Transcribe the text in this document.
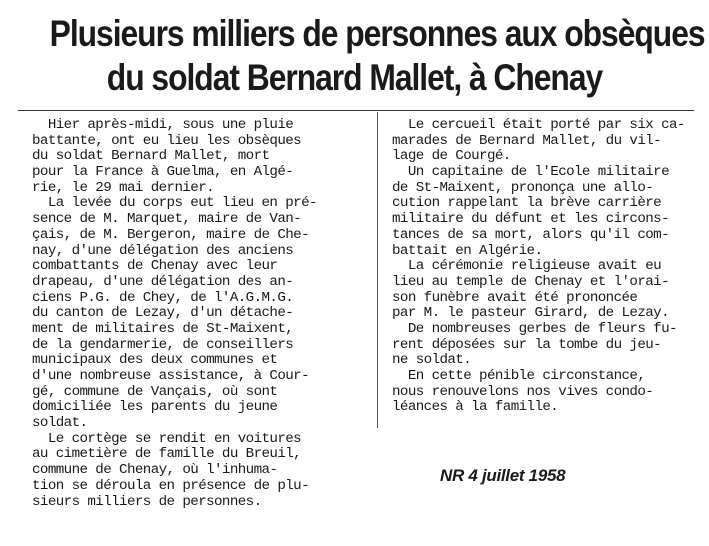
Plusieurs milliers de personnes aux obsèques
du soldat Bernard Mallet, à Chenay
Hier après-midi, sous une pluie
battante, ont eu lieu les obsèques
du soldat Bernard Mallet, mort
pour la France à Guelma, en Algé-
rie, le 29 mai dernier.
La levée du corps eut lieu en pré-
sence de M. Marquet, maire de Van-
çais, de M. Bergeron, maire de Che-
nay, d'une délégation des anciens
combattants de Chenay avec leur
drapeau, d'une délégation des an-
ciens P.G. de Chey, de l'A.G.M.G.
du canton de Lezay, d'un détache-
ment de militaires de St-Maixent,
de la gendarmerie, de conseillers
municipaux des deux communes et
d'une nombreuse assistance, à Cour-
gé, commune de Vançais, où sont
domiciliée les parents du jeune
soldat.
Le cortège se rendit en voitures
au cimetière de famille du Breuil,
commune de Chenay, où l'inhuma-
tion se déroula en présence de plu-
sieurs milliers de personnes.
Le cercueil était porté par six ca-
marades de Bernard Mallet, du vil-
lage de Courgé.
Un capitaine de l'Ecole militaire
de St-Maixent, prononça une allo-
cution rappelant la brève carrière
militaire du défunt et les circons-
tances de sa mort, alors qu'il com-
battait en Algérie.
La cérémonie religieuse avait eu
lieu au temple de Chenay et l'orai-
son funèbre avait été prononcée
par M. le pasteur Girard, de Lezay.
De nombreuses gerbes de fleurs fu-
rent déposées sur la tombe du jeu-
ne soldat.
En cette pénible circonstance,
nous renouvelons nos vives condo-
léances à la famille.
NR 4 juillet 1958
